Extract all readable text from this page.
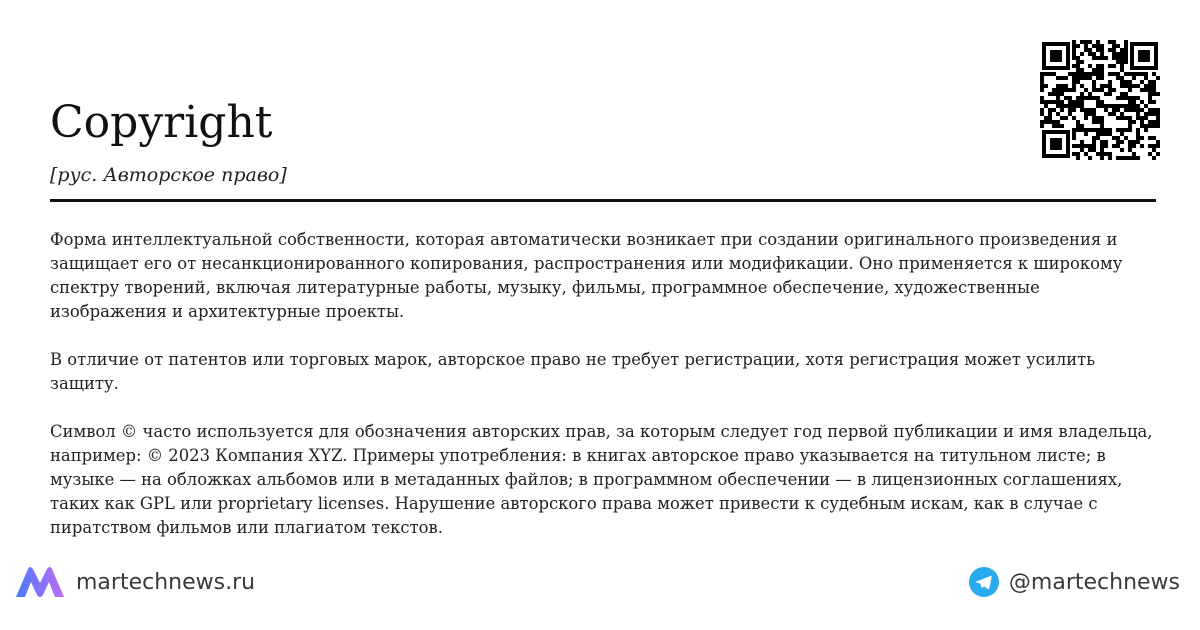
Copyright
[рус. Авторское право]

Форма интеллектуальной собственности, которая автоматически возникает при создании оригинального произведения и защищает его от несанкционированного копирования, распространения или модификации. Оно применяется к широкому спектру творений, включая литературные работы, музыку, фильмы, программное обеспечение, художественные изображения и архитектурные проекты.

В отличие от патентов или торговых марок, авторское право не требует регистрации, хотя регистрация может усилить защиту.

Символ © часто используется для обозначения авторских прав, за которым следует год первой публикации и имя владельца, например: © 2023 Компания XYZ. Примеры употребления: в книгах авторское право указывается на титульном листе; в музыке — на обложках альбомов или в метаданных файлов; в программном обеспечении — в лицензионных соглашениях, таких как GPL или proprietary licenses. Нарушение авторского права может привести к судебным искам, как в случае с пиратством фильмов или плагиатом текстов.

martechnews.ru	@martechnews
